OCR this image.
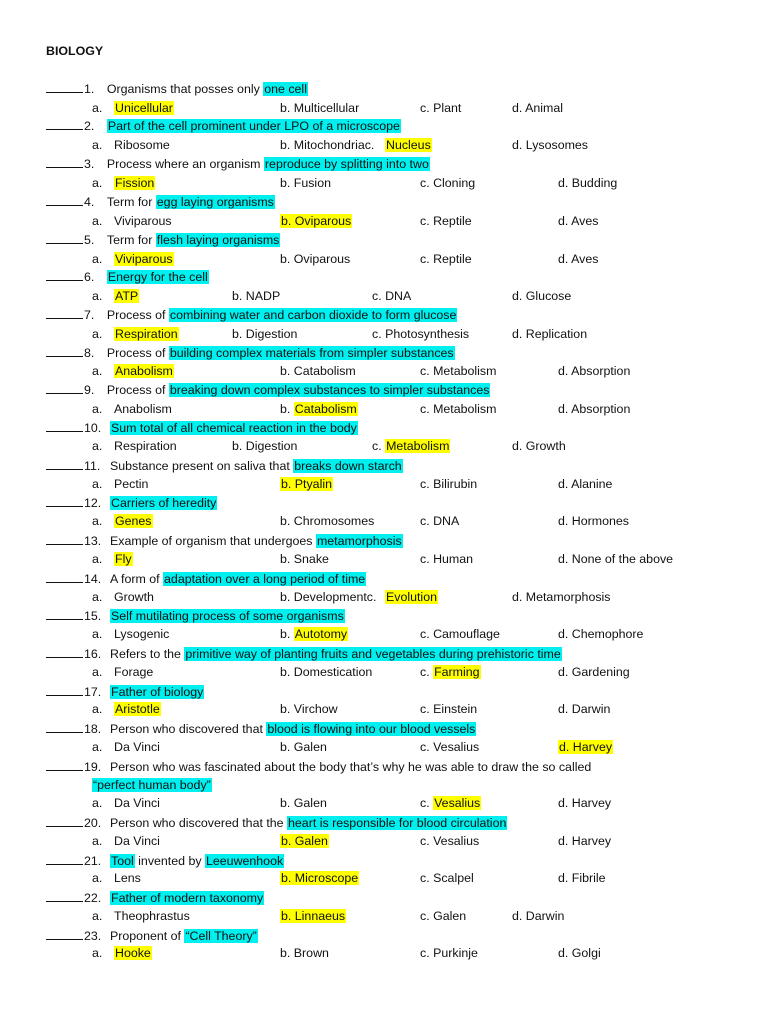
BIOLOGY
1. Organisms that posses only one cell
a. Unicellular	b. Multicellular	c. Plant	d. Animal
2. Part of the cell prominent under LPO of a microscope
a. Ribosome	b. Mitochondriac. Nucleus	d. Lysosomes
3. Process where an organism reproduce by splitting into two
a. Fission	b. Fusion	c. Cloning	d. Budding
4. Term for egg laying organisms
a. Viviparous	b. Oviparous	c. Reptile	d. Aves
5. Term for flesh laying organisms
a. Viviparous	b. Oviparous	c. Reptile	d. Aves
6. Energy for the cell
a. ATP	b. NADP	c. DNA	d. Glucose
7. Process of combining water and carbon dioxide to form glucose
a. Respiration	b. Digestion	c. Photosynthesis	d. Replication
8. Process of building complex materials from simpler substances
a. Anabolism	b. Catabolism	c. Metabolism	d. Absorption
9. Process of breaking down complex substances to simpler substances
a. Anabolism	b. Catabolism	c. Metabolism	d. Absorption
10. Sum total of all chemical reaction in the body
a. Respiration	b. Digestion	c. Metabolism	d. Growth
11. Substance present on saliva that breaks down starch
a. Pectin	b. Ptyalin	c. Bilirubin	d. Alanine
12. Carriers of heredity
a. Genes	b. Chromosomes	c. DNA	d. Hormones
13. Example of organism that undergoes metamorphosis
a. Fly	b. Snake	c. Human	d. None of the above
14. A form of adaptation over a long period of time
a. Growth	b. Developmentc. Evolution	d. Metamorphosis
15. Self mutilating process of some organisms
a. Lysogenic	b. Autotomy	c. Camouflage	d. Chemophore
16. Refers to the primitive way of planting fruits and vegetables during prehistoric time
a. Forage	b. Domestication	c. Farming	d. Gardening
17. Father of biology
a. Aristotle	b. Virchow	c. Einstein	d. Darwin
18. Person who discovered that blood is flowing into our blood vessels
a. Da Vinci	b. Galen	c. Vesalius	d. Harvey
19. Person who was fascinated about the body that’s why he was able to draw the so called
“perfect human body”
a. Da Vinci	b. Galen	c. Vesalius	d. Harvey
20. Person who discovered that the heart is responsible for blood circulation
a. Da Vinci	b. Galen	c. Vesalius	d. Harvey
21. Tool invented by Leeuwenhook
a. Lens	b. Microscope	c. Scalpel	d. Fibrile
22. Father of modern taxonomy
a. Theophrastus	b. Linnaeus	c. Galen	d. Darwin
23. Proponent of “Cell Theory”
a. Hooke	b. Brown	c. Purkinje	d. Golgi
